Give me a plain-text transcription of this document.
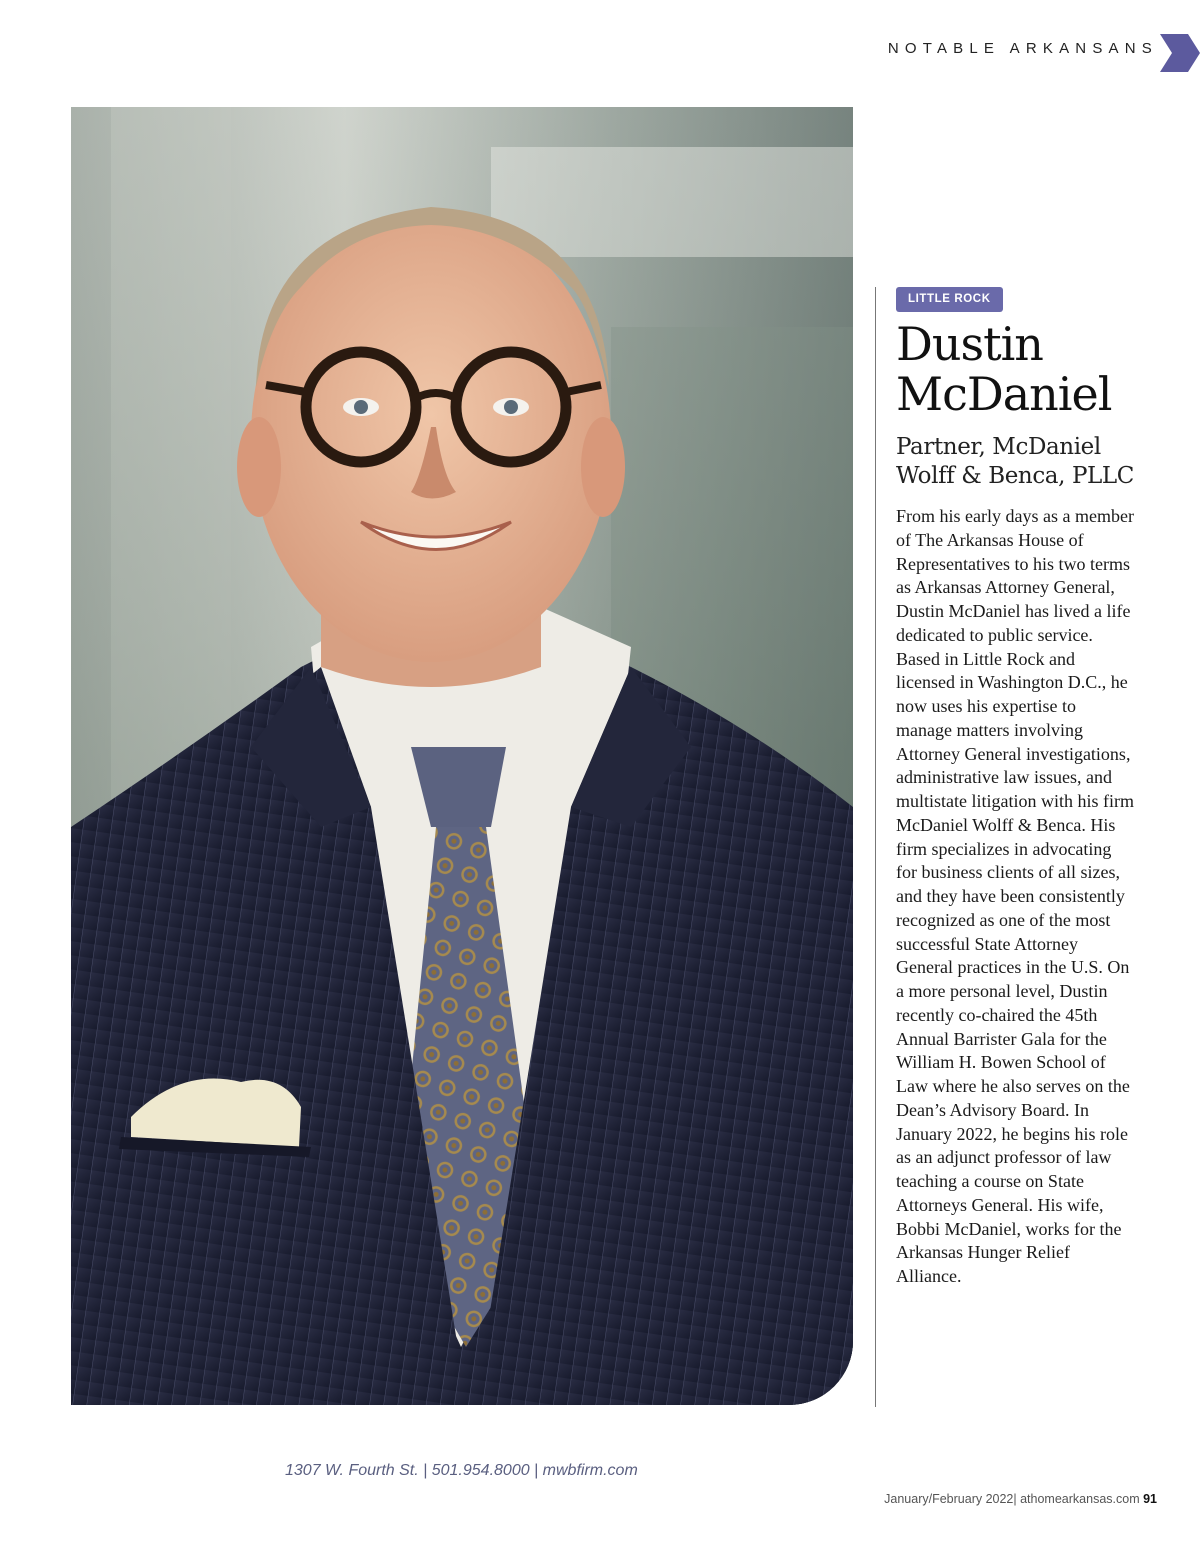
NOTABLE ARKANSANS
LITTLE ROCK
Dustin McDaniel
Partner, McDaniel Wolff & Benca, PLLC

From his early days as a member of The Arkansas House of Representatives to his two terms as Arkansas Attorney General, Dustin McDaniel has lived a life dedicated to public service. Based in Little Rock and licensed in Washington D.C., he now uses his expertise to manage matters involving Attorney General investigations, administrative law issues, and multistate litigation with his firm McDaniel Wolff & Benca. His firm specializes in advocating for business clients of all sizes, and they have been consistently recognized as one of the most successful State Attorney General practices in the U.S. On a more personal level, Dustin recently co-chaired the 45th Annual Barrister Gala for the William H. Bowen School of Law where he also serves on the Dean’s Advisory Board. In January 2022, he begins his role as an adjunct professor of law teaching a course on State Attorneys General. His wife, Bobbi McDaniel, works for the Arkansas Hunger Relief Alliance.

1307 W. Fourth St. | 501.954.8000 | mwbfirm.com
January/February 2022| athomearkansas.com 91
